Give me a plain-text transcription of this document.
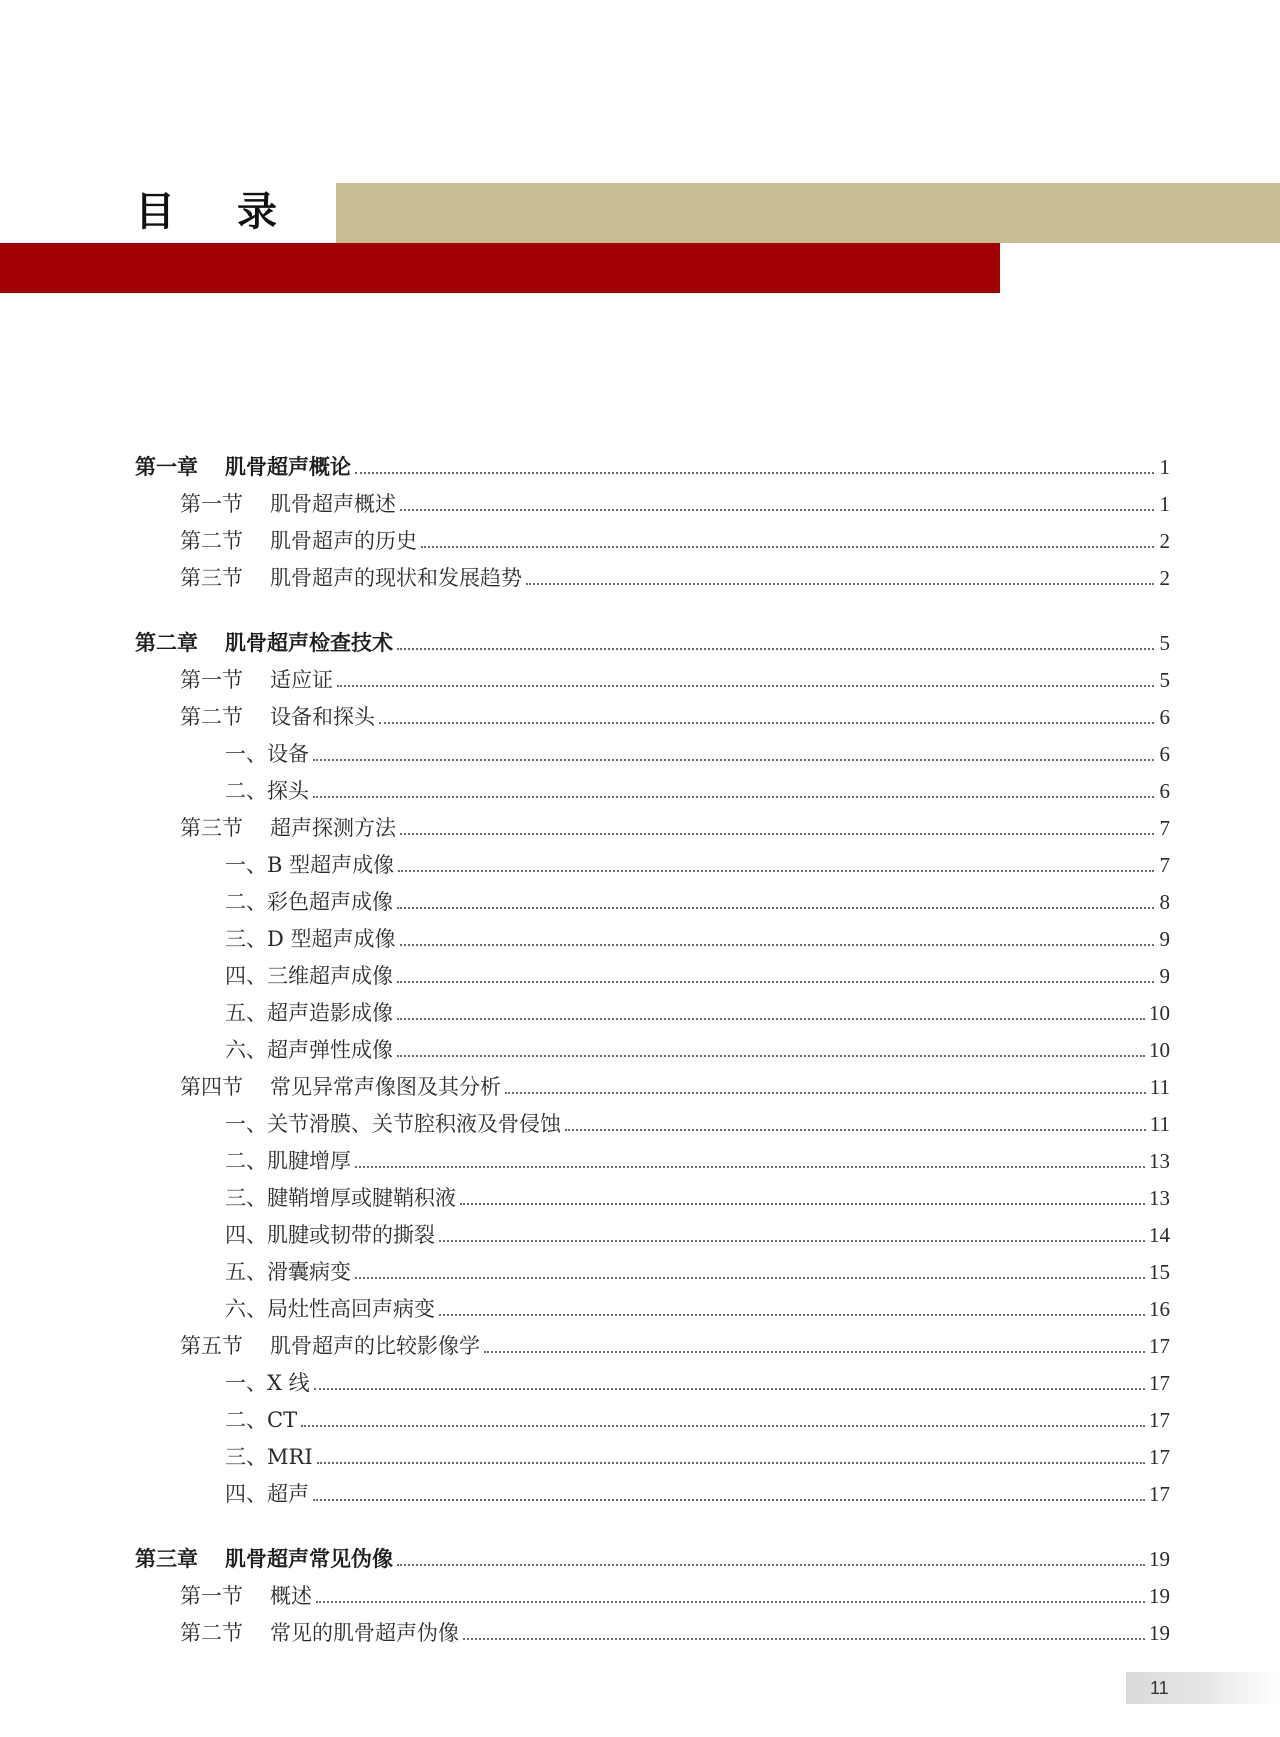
目录
第一章 肌骨超声概论	1
第一节 肌骨超声概述	1
第二节 肌骨超声的历史	2
第三节 肌骨超声的现状和发展趋势	2
第二章 肌骨超声检查技术	5
第一节 适应证	5
第二节 设备和探头	6
一、设备	6
二、探头	6
第三节 超声探测方法	7
一、B 型超声成像	7
二、彩色超声成像	8
三、D 型超声成像	9
四、三维超声成像	9
五、超声造影成像	10
六、超声弹性成像	10
第四节 常见异常声像图及其分析	11
一、关节滑膜、关节腔积液及骨侵蚀	11
二、肌腱增厚	13
三、腱鞘增厚或腱鞘积液	13
四、肌腱或韧带的撕裂	14
五、滑囊病变	15
六、局灶性高回声病变	16
第五节 肌骨超声的比较影像学	17
一、X 线	17
二、CT	17
三、MRI	17
四、超声	17
第三章 肌骨超声常见伪像	19
第一节 概述	19
第二节 常见的肌骨超声伪像	19
11
